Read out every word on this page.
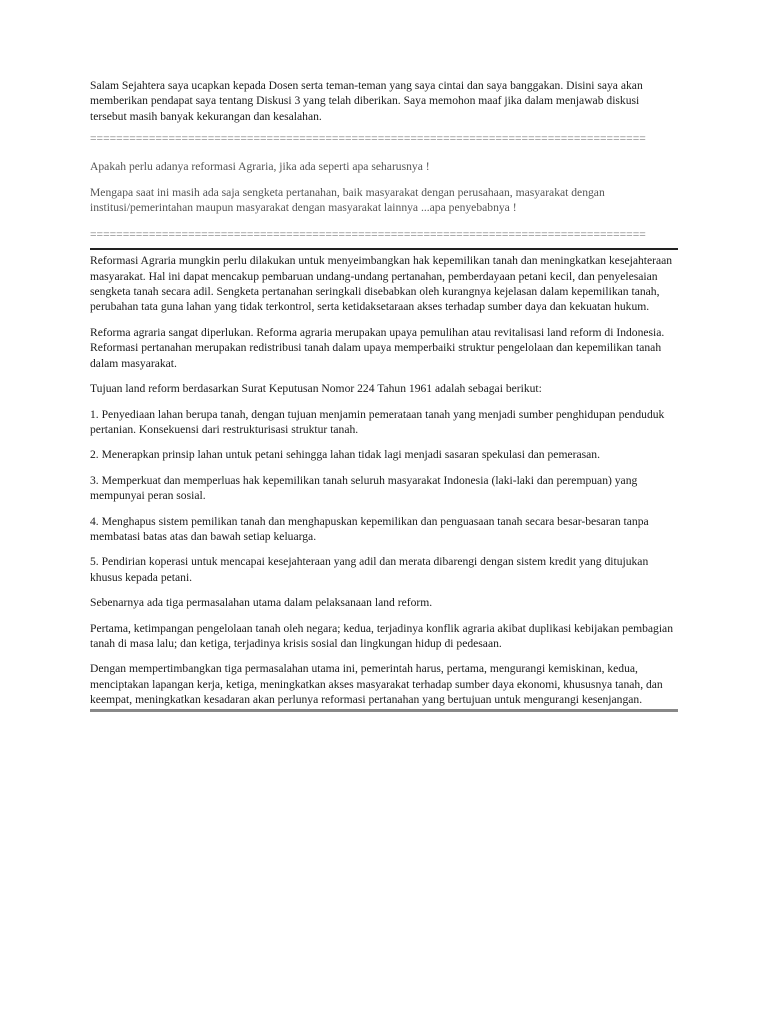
Salam Sejahtera saya ucapkan kepada Dosen serta teman-teman yang saya cintai dan saya banggakan. Disini saya akan memberikan pendapat saya tentang Diskusi 3 yang telah diberikan. Saya memohon maaf jika dalam menjawab diskusi tersebut masih banyak kekurangan dan kesalahan.

=====================================================================================

Apakah perlu adanya reformasi Agraria, jika ada seperti apa seharusnya !

Mengapa saat ini masih ada saja sengketa pertanahan, baik masyarakat dengan perusahaan, masyarakat dengan institusi/pemerintahan maupun masyarakat dengan masyarakat lainnya ...apa penyebabnya !

=====================================================================================

Reformasi Agraria mungkin perlu dilakukan untuk menyeimbangkan hak kepemilikan tanah dan meningkatkan kesejahteraan masyarakat. Hal ini dapat mencakup pembaruan undang-undang pertanahan, pemberdayaan petani kecil, dan penyelesaian sengketa tanah secara adil. Sengketa pertanahan seringkali disebabkan oleh kurangnya kejelasan dalam kepemilikan tanah, perubahan tata guna lahan yang tidak terkontrol, serta ketidaksetaraan akses terhadap sumber daya dan kekuatan hukum.

Reforma agraria sangat diperlukan. Reforma agraria merupakan upaya pemulihan atau revitalisasi land reform di Indonesia. Reformasi pertanahan merupakan redistribusi tanah dalam upaya memperbaiki struktur pengelolaan dan kepemilikan tanah dalam masyarakat.

Tujuan land reform berdasarkan Surat Keputusan Nomor 224 Tahun 1961 adalah sebagai berikut:

1. Penyediaan lahan berupa tanah, dengan tujuan menjamin pemerataan tanah yang menjadi sumber penghidupan penduduk pertanian. Konsekuensi dari restrukturisasi struktur tanah.

2. Menerapkan prinsip lahan untuk petani sehingga lahan tidak lagi menjadi sasaran spekulasi dan pemerasan.

3. Memperkuat dan memperluas hak kepemilikan tanah seluruh masyarakat Indonesia (laki-laki dan perempuan) yang mempunyai peran sosial.

4. Menghapus sistem pemilikan tanah dan menghapuskan kepemilikan dan penguasaan tanah secara besar-besaran tanpa membatasi batas atas dan bawah setiap keluarga.

5. Pendirian koperasi untuk mencapai kesejahteraan yang adil dan merata dibarengi dengan sistem kredit yang ditujukan khusus kepada petani.

Sebenarnya ada tiga permasalahan utama dalam pelaksanaan land reform.

Pertama, ketimpangan pengelolaan tanah oleh negara; kedua, terjadinya konflik agraria akibat duplikasi kebijakan pembagian tanah di masa lalu; dan ketiga, terjadinya krisis sosial dan lingkungan hidup di pedesaan.

Dengan mempertimbangkan tiga permasalahan utama ini, pemerintah harus, pertama, mengurangi kemiskinan, kedua, menciptakan lapangan kerja, ketiga, meningkatkan akses masyarakat terhadap sumber daya ekonomi, khususnya tanah, dan keempat, meningkatkan kesadaran akan perlunya reformasi pertanahan yang bertujuan untuk mengurangi kesenjangan.
